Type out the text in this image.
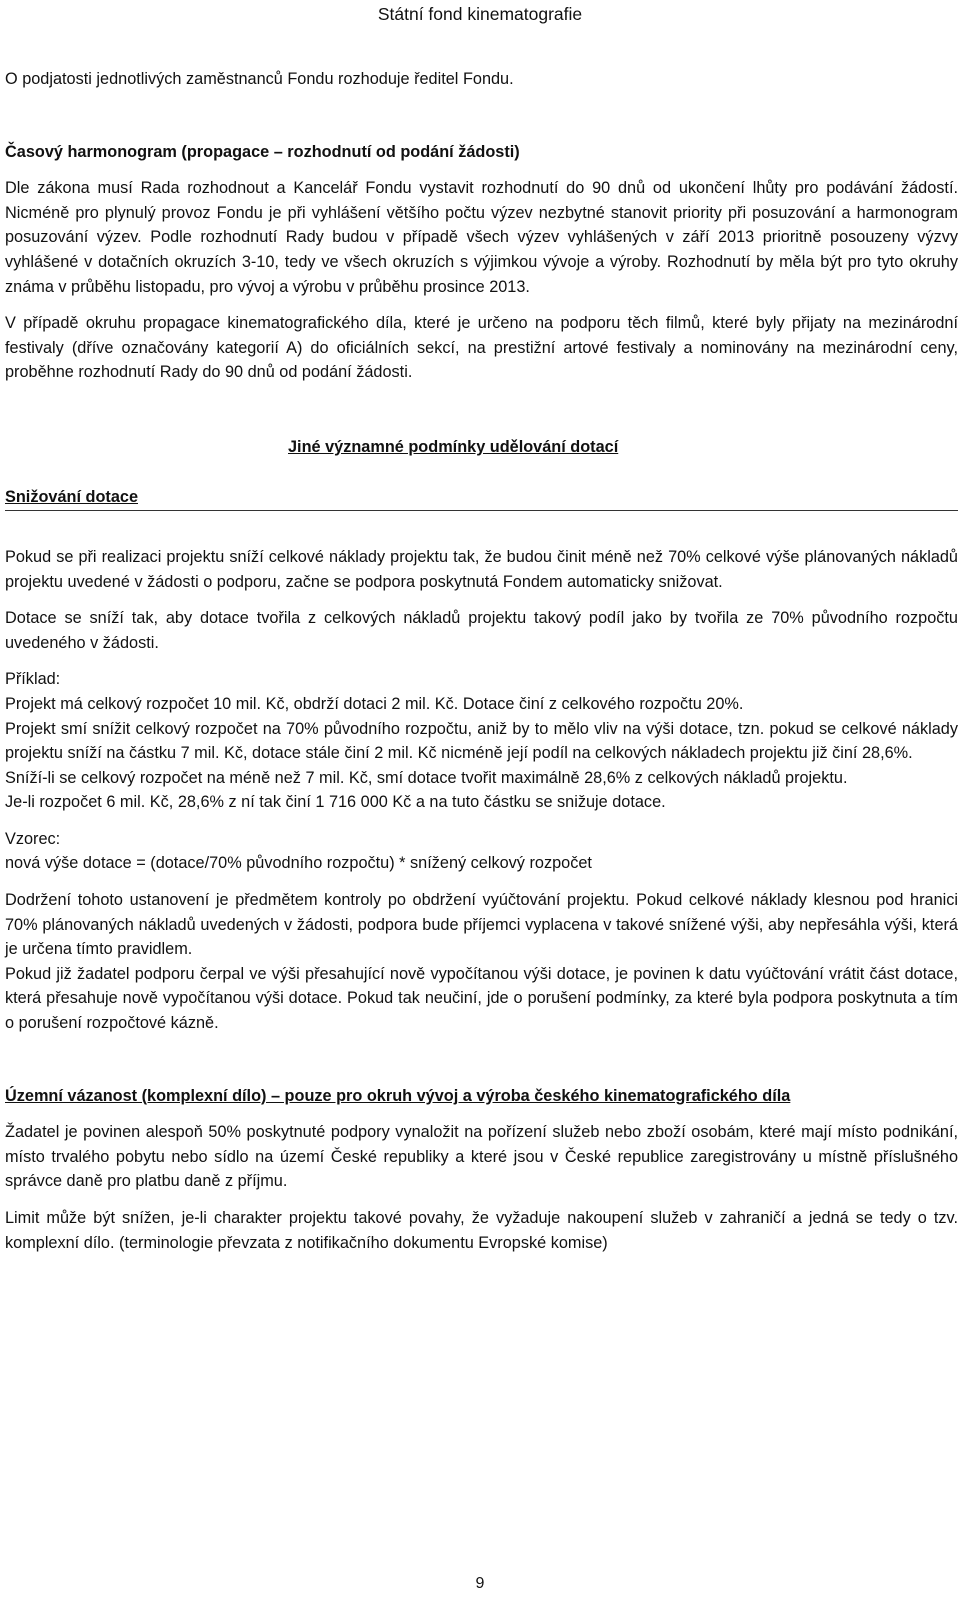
Státní fond kinematografie

O podjatosti jednotlivých zaměstnanců Fondu rozhoduje ředitel Fondu.

Časový harmonogram (propagace – rozhodnutí od podání žádosti)

Dle zákona musí Rada rozhodnout a Kancelář Fondu vystavit rozhodnutí do 90 dnů od ukončení lhůty pro podávání žádostí. Nicméně pro plynulý provoz Fondu je při vyhlášení většího počtu výzev nezbytné stanovit priority při posuzování a harmonogram posuzování výzev. Podle rozhodnutí Rady budou v případě všech výzev vyhlášených v září 2013 prioritně posouzeny výzvy vyhlášené v dotačních okruzích 3-10, tedy ve všech okruzích s výjimkou vývoje a výroby. Rozhodnutí by měla být pro tyto okruhy známa v průběhu listopadu, pro vývoj a výrobu v průběhu prosince 2013.

V případě okruhu propagace kinematografického díla, které je určeno na podporu těch filmů, které byly přijaty na mezinárodní festivaly (dříve označovány kategorií A) do oficiálních sekcí, na prestižní artové festivaly a nominovány na mezinárodní ceny, proběhne rozhodnutí Rady do 90 dnů od podání žádosti.

Jiné významné podmínky udělování dotací
Snižování dotace

Pokud se při realizaci projektu sníží celkové náklady projektu tak, že budou činit méně než 70% celkové výše plánovaných nákladů projektu uvedené v žádosti o podporu, začne se podpora poskytnutá Fondem automaticky snižovat.

Dotace se sníží tak, aby dotace tvořila z celkových nákladů projektu takový podíl jako by tvořila ze 70% původního rozpočtu uvedeného v žádosti.

Příklad:

Projekt má celkový rozpočet 10 mil. Kč, obdrží dotaci 2 mil. Kč. Dotace činí z celkového rozpočtu 20%.

Projekt smí snížit celkový rozpočet na 70% původního rozpočtu, aniž by to mělo vliv na výši dotace, tzn. pokud se celkové náklady projektu sníží na částku 7 mil. Kč, dotace stále činí 2 mil. Kč nicméně její podíl na celkových nákladech projektu již činí 28,6%.

Sníží-li se celkový rozpočet na méně než 7 mil. Kč, smí dotace tvořit maximálně 28,6% z celkových nákladů projektu.

Je-li rozpočet 6 mil. Kč, 28,6% z ní tak činí 1 716 000 Kč a na tuto částku se snižuje dotace.

Vzorec:

nová výše dotace = (dotace/70% původního rozpočtu) * snížený celkový rozpočet

Dodržení tohoto ustanovení je předmětem kontroly po obdržení vyúčtování projektu. Pokud celkové náklady klesnou pod hranici 70% plánovaných nákladů uvedených v žádosti, podpora bude příjemci vyplacena v takové snížené výši, aby nepřesáhla výši, která je určena tímto pravidlem.

Pokud již žadatel podporu čerpal ve výši přesahující nově vypočítanou výši dotace, je povinen k datu vyúčtování vrátit část dotace, která přesahuje nově vypočítanou výši dotace. Pokud tak neučiní, jde o porušení podmínky, za které byla podpora poskytnuta a tím o porušení rozpočtové kázně.

Územní vázanost (komplexní dílo) – pouze pro okruh vývoj a výroba českého kinematografického díla

Žadatel je povinen alespoň 50% poskytnuté podpory vynaložit na pořízení služeb nebo zboží osobám, které mají místo podnikání, místo trvalého pobytu nebo sídlo na území České republiky a které jsou v České republice zaregistrovány u místně příslušného správce daně pro platbu daně z příjmu.

Limit může být snížen, je-li charakter projektu takové povahy, že vyžaduje nakoupení služeb v zahraničí a jedná se tedy o tzv. komplexní dílo. (terminologie převzata z notifikačního dokumentu Evropské komise)

9
